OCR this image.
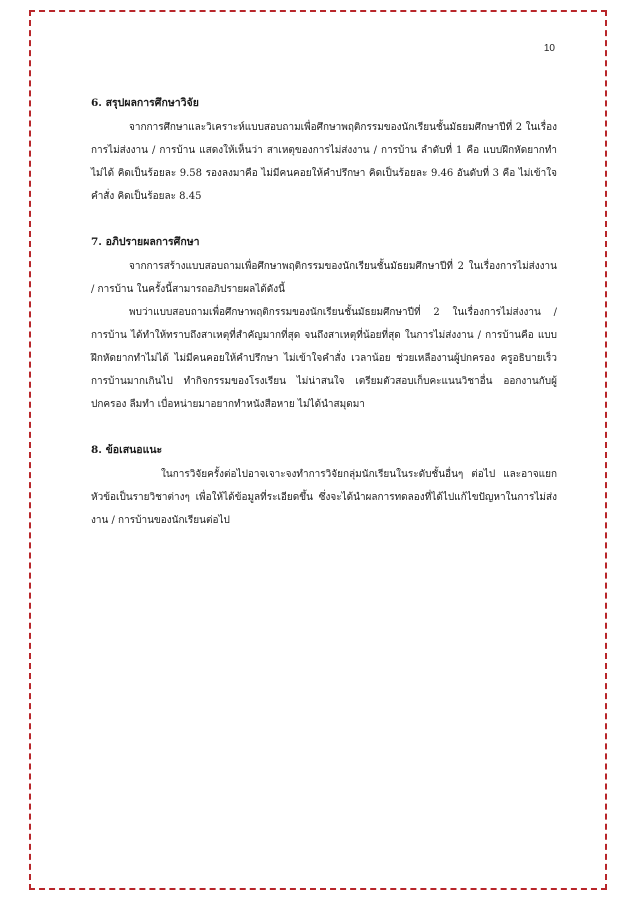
10
6. สรุปผลการศึกษาวิจัย

จากการศึกษาและวิเคราะห์แบบสอบถามเพื่อศึกษาพฤติกรรมของนักเรียนชั้นมัธยมศึกษาปีที่ 2 ในเรื่องการไม่ส่งงาน / การบ้าน แสดงให้เห็นว่า สาเหตุของการไม่ส่งงาน / การบ้าน ลำดับที่ 1 คือ แบบฝึกหัดยากทำไม่ได้ คิดเป็นร้อยละ 9.58 รองลงมาคือ ไม่มีคนคอยให้คำปรึกษา คิดเป็นร้อยละ 9.46 อันดับที่ 3 คือ ไม่เข้าใจคำสั่ง คิดเป็นร้อยละ 8.45

7. อภิปรายผลการศึกษา

จากการสร้างแบบสอบถามเพื่อศึกษาพฤติกรรมของนักเรียนชั้นมัธยมศึกษาปีที่ 2 ในเรื่องการไม่ส่งงาน / การบ้าน ในครั้งนี้สามารถอภิปรายผลได้ดังนี้

พบว่าแบบสอบถามเพื่อศึกษาพฤติกรรมของนักเรียนชั้นมัธยมศึกษาปีที่ 2 ในเรื่องการไม่ส่งงาน / การบ้าน ได้ทำให้ทราบถึงสาเหตุที่สำคัญมากที่สุด จนถึงสาเหตุที่น้อยที่สุด ในการไม่ส่งงาน / การบ้านคือ แบบฝึกหัดยากทำไม่ได้ ไม่มีคนคอยให้คำปรึกษา ไม่เข้าใจคำสั่ง เวลาน้อย ช่วยเหลืองานผู้ปกครอง ครูอธิบายเร็ว การบ้านมากเกินไป ทำกิจกรรมของโรงเรียน ไม่น่าสนใจ เตรียมตัวสอบเก็บคะแนนวิชาอื่น ออกงานกับผู้ปกครอง ลืมทำ เบื่อหน่ายมาอยากทำหนังสือหาย ไม่ได้นำสมุดมา

8. ข้อเสนอแนะ

ในการวิจัยครั้งต่อไปอาจเจาะจงทำการวิจัยกลุ่มนักเรียนในระดับชั้นอื่นๆ ต่อไป และอาจแยกหัวข้อเป็นรายวิชาต่างๆ เพื่อให้ได้ข้อมูลที่ระเอียดขึ้น ซึ่งจะได้นำผลการทดลองที่ได้ไปแก้ไขปัญหาในการไม่ส่งงาน / การบ้านของนักเรียนต่อไป
